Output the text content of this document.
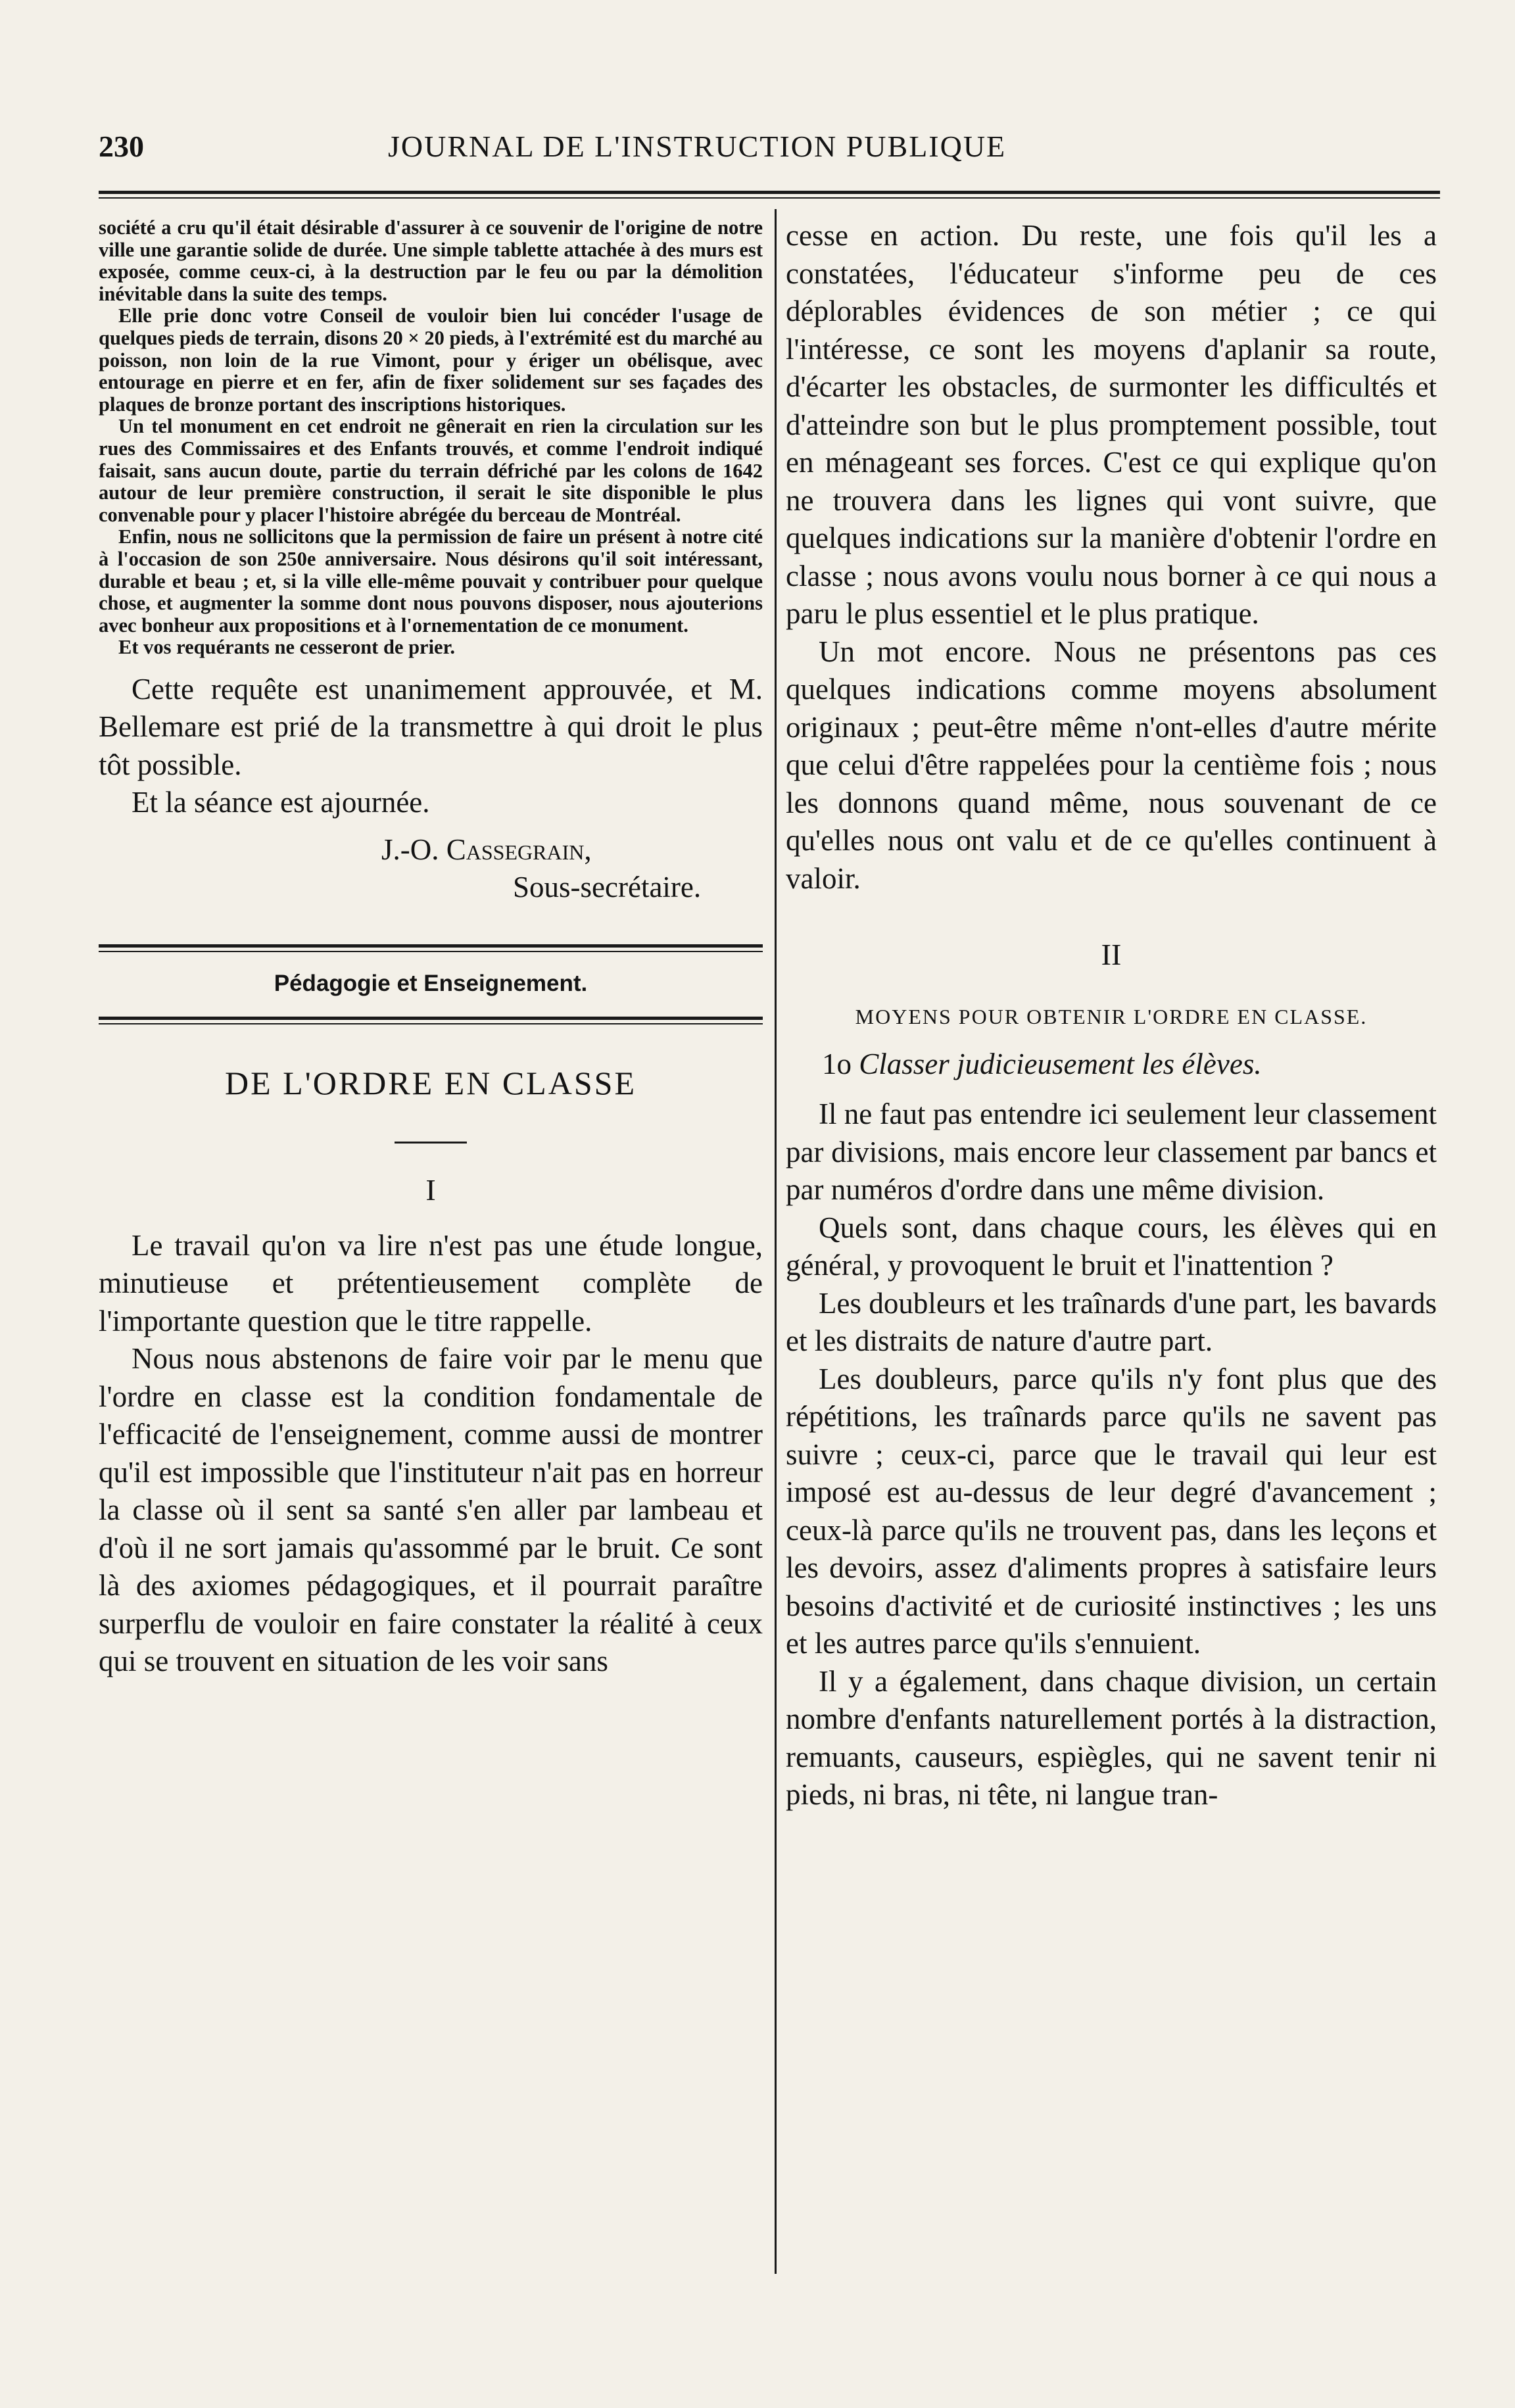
230	JOURNAL DE L'INSTRUCTION PUBLIQUE

société a cru qu'il était désirable d'assurer à ce souvenir de l'origine de notre ville une garantie solide de durée. Une simple tablette attachée à des murs est exposée, comme ceux-ci, à la destruction par le feu ou par la démolition inévitable dans la suite des temps.

Elle prie donc votre Conseil de vouloir bien lui concéder l'usage de quelques pieds de terrain, disons 20 × 20 pieds, à l'extrémité est du marché au poisson, non loin de la rue Vimont, pour y ériger un obélisque, avec entourage en pierre et en fer, afin de fixer solidement sur ses façades des plaques de bronze portant des inscriptions historiques.

Un tel monument en cet endroit ne gênerait en rien la circulation sur les rues des Commissaires et des Enfants trouvés, et comme l'endroit indiqué faisait, sans aucun doute, partie du terrain défriché par les colons de 1642 autour de leur première construction, il serait le site disponible le plus convenable pour y placer l'histoire abrégée du berceau de Montréal.

Enfin, nous ne sollicitons que la permission de faire un présent à notre cité à l'occasion de son 250e anniversaire. Nous désirons qu'il soit intéressant, durable et beau ; et, si la ville elle-même pouvait y contribuer pour quelque chose, et augmenter la somme dont nous pouvons disposer, nous ajouterions avec bonheur aux propositions et à l'ornementation de ce monument.

Et vos requérants ne cesseront de prier.

Cette requête est unanimement approuvée, et M. Bellemare est prié de la transmettre à qui droit le plus tôt possible.

Et la séance est ajournée.

J.-O. Cassegrain,
Sous-secrétaire.
Pédagogie et Enseignement.
DE L'ORDRE EN CLASSE
I

Le travail qu'on va lire n'est pas une étude longue, minutieuse et prétentieusement complète de l'importante question que le titre rappelle.

Nous nous abstenons de faire voir par le menu que l'ordre en classe est la condition fondamentale de l'efficacité de l'enseignement, comme aussi de montrer qu'il est impossible que l'instituteur n'ait pas en horreur la classe où il sent sa santé s'en aller par lambeau et d'où il ne sort jamais qu'assommé par le bruit. Ce sont là des axiomes pédagogiques, et il pourrait paraître surperflu de vouloir en faire constater la réalité à ceux qui se trouvent en situation de les voir sans

cesse en action. Du reste, une fois qu'il les a constatées, l'éducateur s'informe peu de ces déplorables évidences de son métier ; ce qui l'intéresse, ce sont les moyens d'aplanir sa route, d'écarter les obstacles, de surmonter les difficultés et d'atteindre son but le plus promptement possible, tout en ménageant ses forces. C'est ce qui explique qu'on ne trouvera dans les lignes qui vont suivre, que quelques indications sur la manière d'obtenir l'ordre en classe ; nous avons voulu nous borner à ce qui nous a paru le plus essentiel et le plus pratique.

Un mot encore. Nous ne présentons pas ces quelques indications comme moyens absolument originaux ; peut-être même n'ont-elles d'autre mérite que celui d'être rappelées pour la centième fois ; nous les donnons quand même, nous souvenant de ce qu'elles nous ont valu et de ce qu'elles continuent à valoir.

II
MOYENS POUR OBTENIR L'ORDRE EN CLASSE.
1o Classer judicieusement les élèves.

Il ne faut pas entendre ici seulement leur classement par divisions, mais encore leur classement par bancs et par numéros d'ordre dans une même division.

Quels sont, dans chaque cours, les élèves qui en général, y provoquent le bruit et l'inattention ?

Les doubleurs et les traînards d'une part, les bavards et les distraits de nature d'autre part.

Les doubleurs, parce qu'ils n'y font plus que des répétitions, les traînards parce qu'ils ne savent pas suivre ; ceux-ci, parce que le travail qui leur est imposé est au-dessus de leur degré d'avancement ; ceux-là parce qu'ils ne trouvent pas, dans les leçons et les devoirs, assez d'aliments propres à satisfaire leurs besoins d'activité et de curiosité instinctives ; les uns et les autres parce qu'ils s'ennuient.

Il y a également, dans chaque division, un certain nombre d'enfants naturellement portés à la distraction, remuants, causeurs, espiègles, qui ne savent tenir ni pieds, ni bras, ni tête, ni langue tran-
